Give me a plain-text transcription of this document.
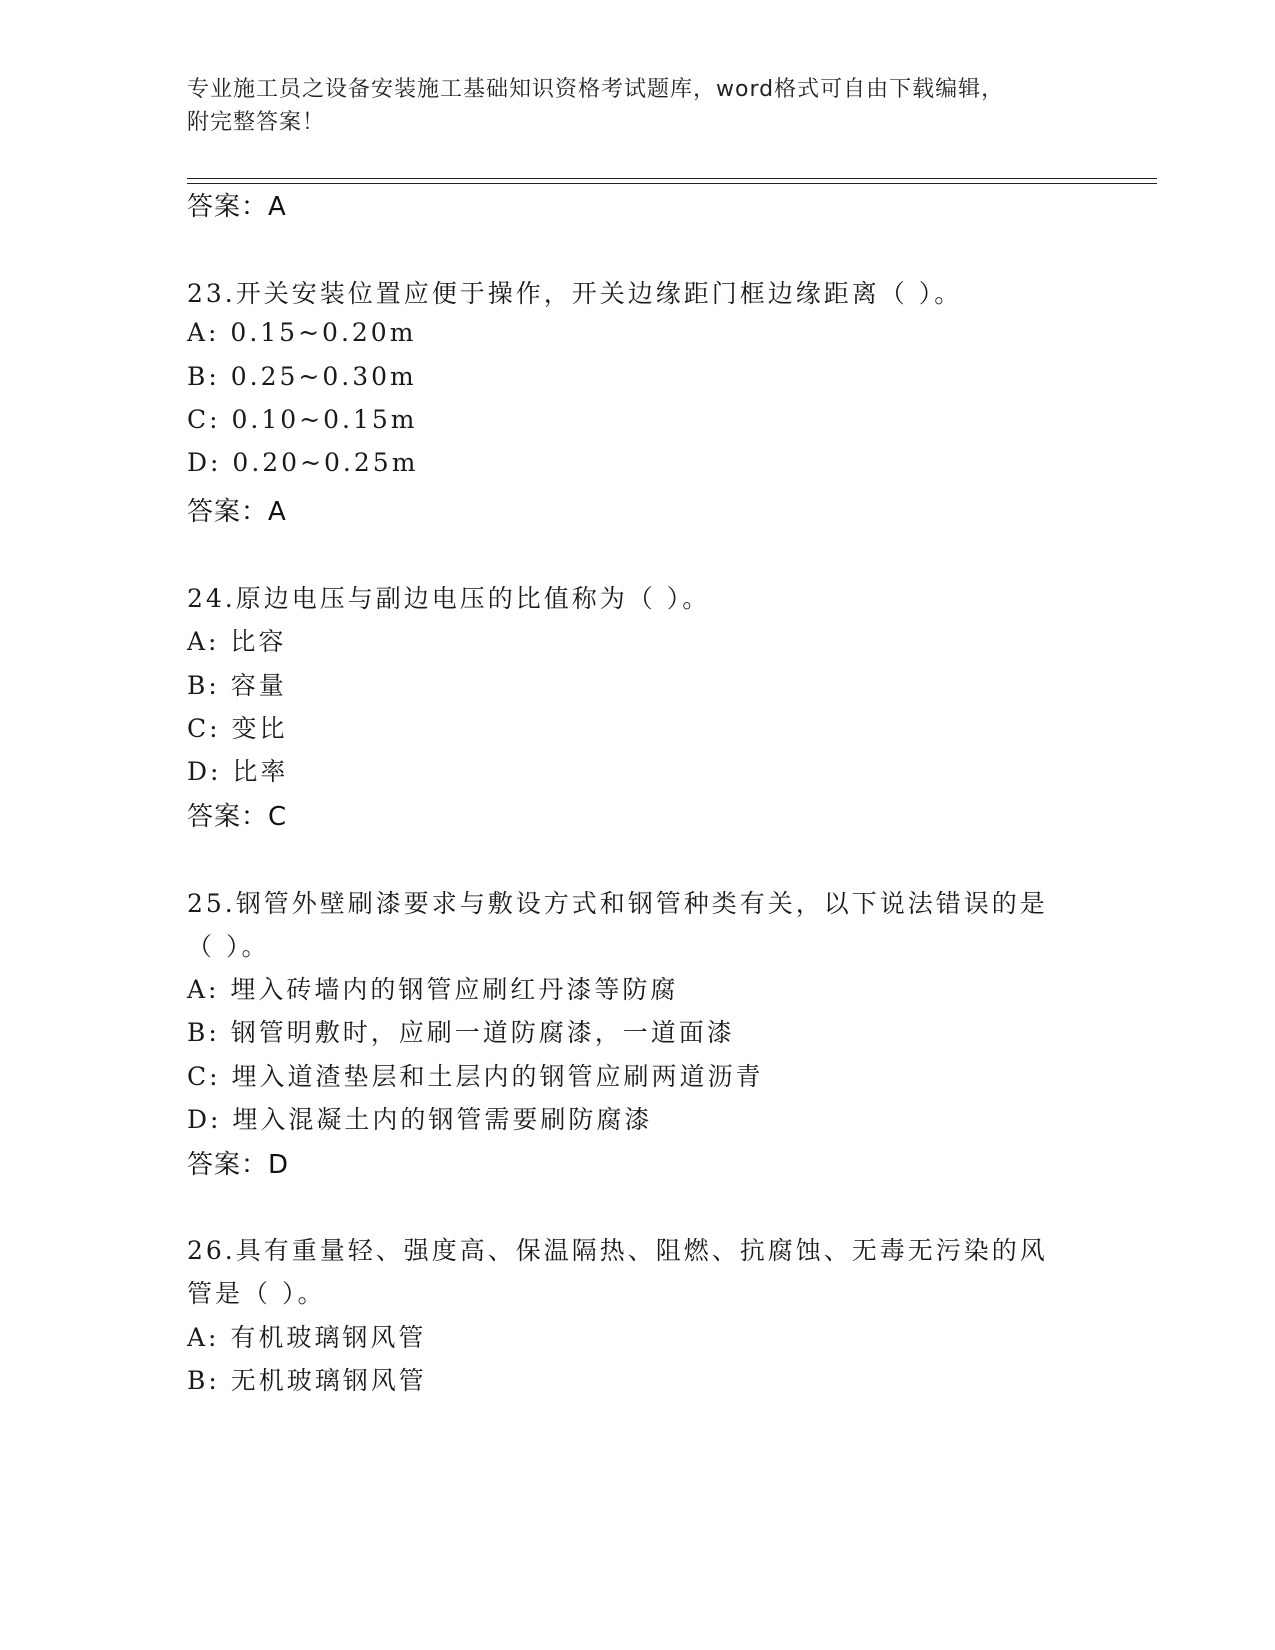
专业施工员之设备安装施工基础知识资格考试题库，word格式可自由下载编辑，
附完整答案！
答案：A
23.开关安装位置应便于操作，开关边缘距门框边缘距离（ ）。
A: 0.15~0.20m
B: 0.25~0.30m
C: 0.10~0.15m
D: 0.20~0.25m
答案：A
24.原边电压与副边电压的比值称为（ ）。
A: 比容
B: 容量
C: 变比
D: 比率
答案：C
25.钢管外壁刷漆要求与敷设方式和钢管种类有关，以下说法错误的是
（ ）。
A: 埋入砖墙内的钢管应刷红丹漆等防腐
B: 钢管明敷时，应刷一道防腐漆，一道面漆
C: 埋入道渣垫层和土层内的钢管应刷两道沥青
D: 埋入混凝土内的钢管需要刷防腐漆
答案：D
26.具有重量轻、强度高、保温隔热、阻燃、抗腐蚀、无毒无污染的风
管是（ ）。
A: 有机玻璃钢风管
B: 无机玻璃钢风管
